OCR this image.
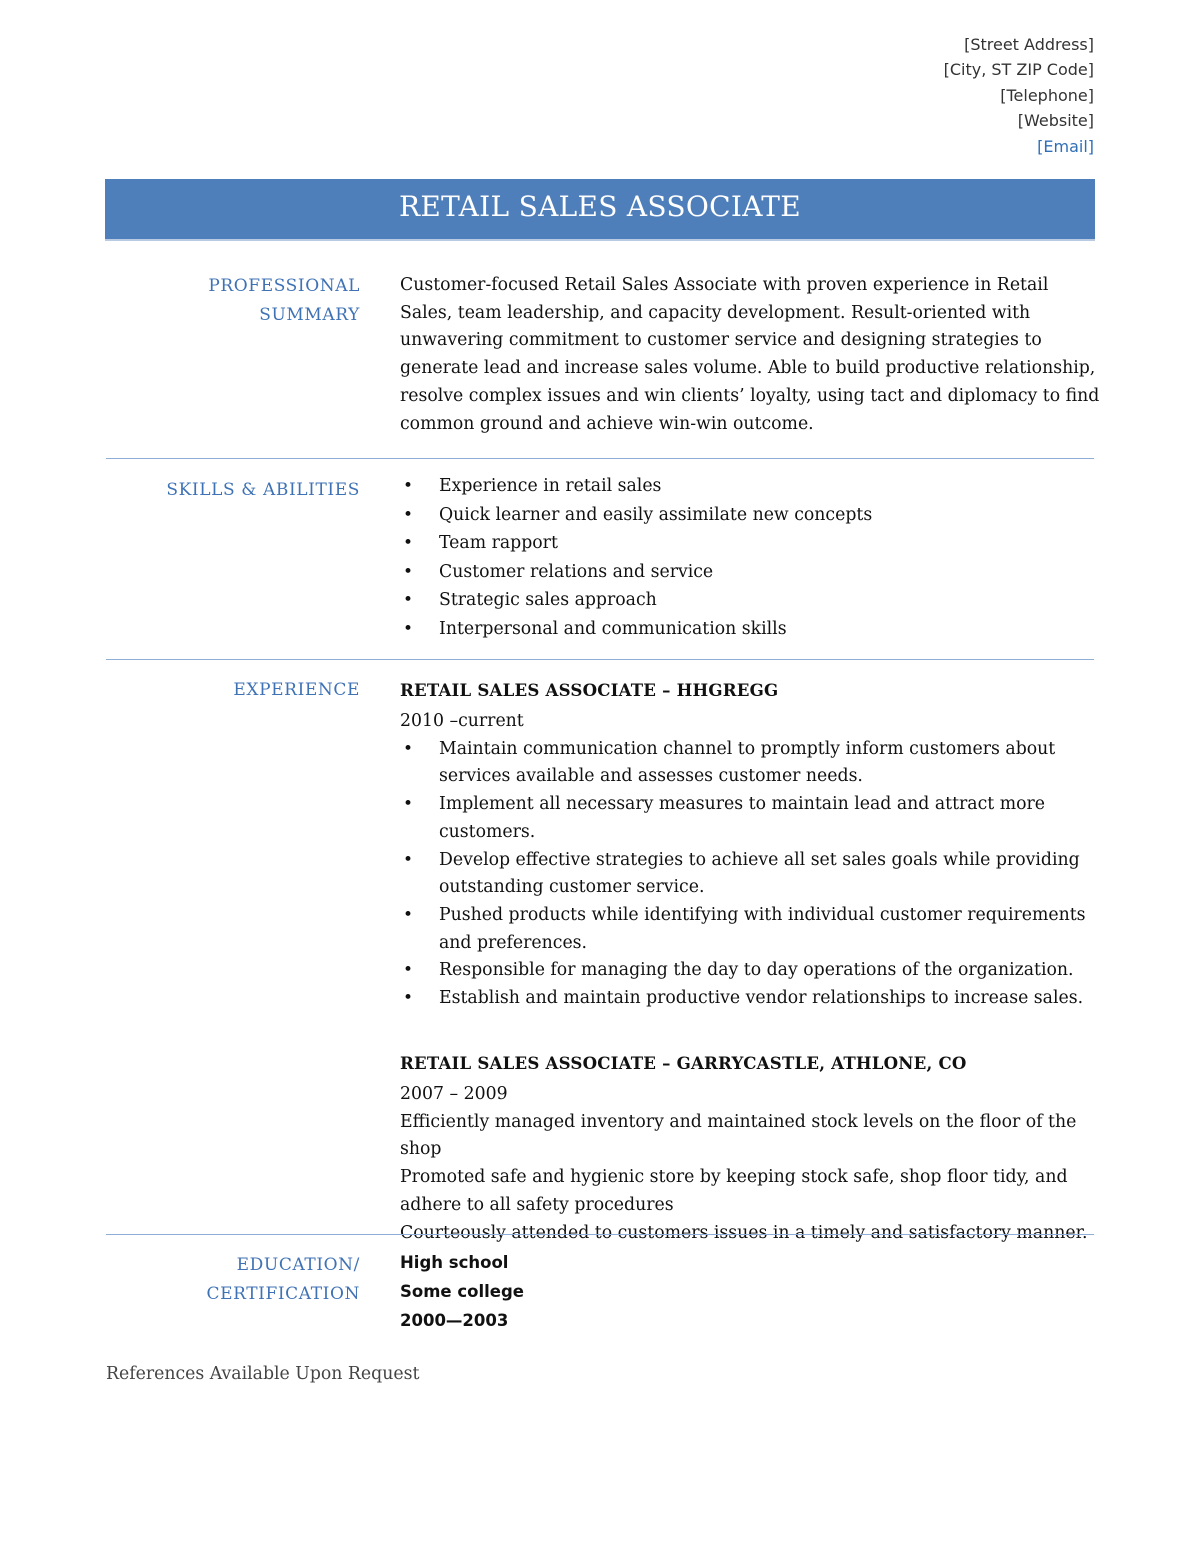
[Street Address]
[City, ST ZIP Code]
[Telephone]
[Website]
[Email]
RETAIL SALES ASSOCIATE
PROFESSIONAL SUMMARY

Customer-focused Retail Sales Associate with proven experience in Retail Sales, team leadership, and capacity development. Result-oriented with unwavering commitment to customer service and designing strategies to generate lead and increase sales volume. Able to build productive relationship, resolve complex issues and win clients’ loyalty, using tact and diplomacy to find common ground and achieve win-win outcome.

SKILLS & ABILITIES
•	Experience in retail sales
• Quick learner and easily assimilate new concepts
• Team rapport
• Customer relations and service
• Strategic sales approach
• Interpersonal and communication skills
EXPERIENCE RETAIL SALES ASSOCIATE – HHGREGG

2010 –current

• Maintain communication channel to promptly inform customers about services available and assesses customer needs.
• Implement all necessary measures to maintain lead and attract more customers.
• Develop effective strategies to achieve all set sales goals while providing outstanding customer service.
• Pushed products while identifying with individual customer requirements and preferences.
• Responsible for managing the day to day operations of the organization.
• Establish and maintain productive vendor relationships to increase sales.
RETAIL SALES ASSOCIATE – GARRYCASTLE, ATHLONE, CO

2007 – 2009

Efficiently managed inventory and maintained stock levels on the floor of the shop

Promoted safe and hygienic store by keeping stock safe, shop floor tidy, and adhere to all safety procedures

Courteously attended to customers issues in a timely and satisfactory manner.

EDUCATION/
CERTIFICATION
High school
Some college
2000—2003
References Available Upon Request
